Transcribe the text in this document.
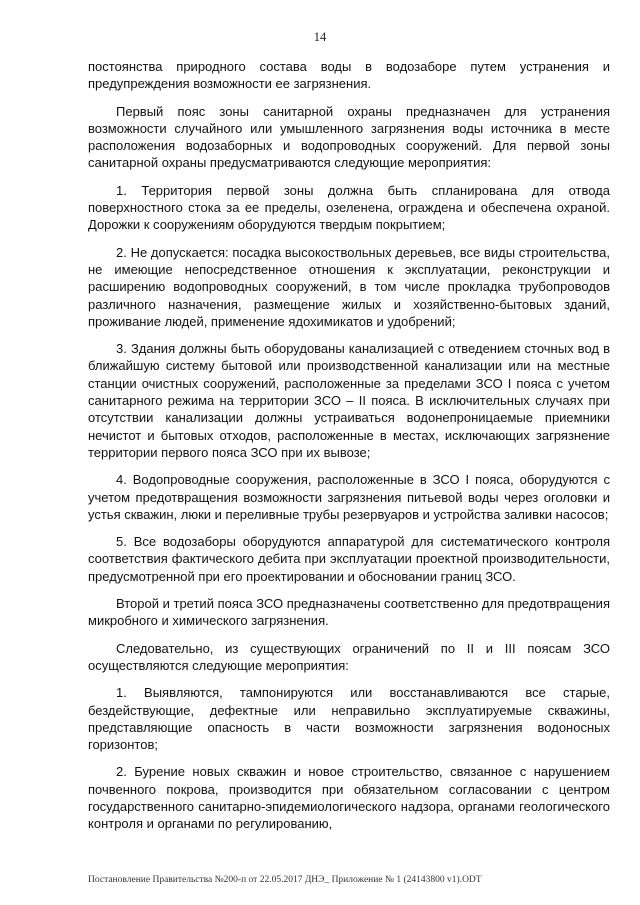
14

постоянства природного состава воды в водозаборе путем устранения и предупреждения возможности ее загрязнения.

Первый пояс зоны санитарной охраны предназначен для устранения возможности случайного или умышленного загрязнения воды источника в месте расположения водозаборных и водопроводных сооружений. Для первой зоны санитарной охраны предусматриваются следующие мероприятия:

1. Территория первой зоны должна быть спланирована для отвода поверхностного стока за ее пределы, озеленена, ограждена и обеспечена охраной. Дорожки к сооружениям оборудуются твердым покрытием;

2. Не допускается: посадка высокоствольных деревьев, все виды строительства, не имеющие непосредственное отношения к эксплуатации, реконструкции и расширению водопроводных сооружений, в том числе прокладка трубопроводов различного назначения, размещение жилых и хозяйственно-бытовых зданий, проживание людей, применение ядохимикатов и удобрений;

3. Здания должны быть оборудованы канализацией с отведением сточных вод в ближайшую систему бытовой или производственной канализации или на местные станции очистных сооружений, расположенные за пределами ЗСО I пояса с учетом санитарного режима на территории ЗСО – II пояса. В исключительных случаях при отсутствии канализации должны устраиваться водонепроницаемые приемники нечистот и бытовых отходов, расположенные в местах, исключающих загрязнение территории первого пояса ЗСО при их вывозе;

4. Водопроводные сооружения, расположенные в ЗСО I пояса, оборудуются с учетом предотвращения возможности загрязнения питьевой воды через оголовки и устья скважин, люки и переливные трубы резервуаров и устройства заливки насосов;

5. Все водозаборы оборудуются аппаратурой для систематического контроля соответствия фактического дебита при эксплуатации проектной производительности, предусмотренной при его проектировании и обосновании границ ЗСО.

Второй и третий пояса ЗСО предназначены соответственно для предотвращения микробного и химического загрязнения.

Следовательно, из существующих ограничений по II и III поясам ЗСО осуществляются следующие мероприятия:

1. Выявляются, тампонируются или восстанавливаются все старые, бездействующие, дефектные или неправильно эксплуатируемые скважины, представляющие опасность в части возможности загрязнения водоносных горизонтов;

2. Бурение новых скважин и новое строительство, связанное с нарушением почвенного покрова, производится при обязательном согласовании с центром государственного санитарно-эпидемиологического надзора, органами геологического контроля и органами по регулированию,

Постановление Правительства №200-п от 22.05.2017 ДНЭ_ Приложение № 1 (24143800 v1).ODT
